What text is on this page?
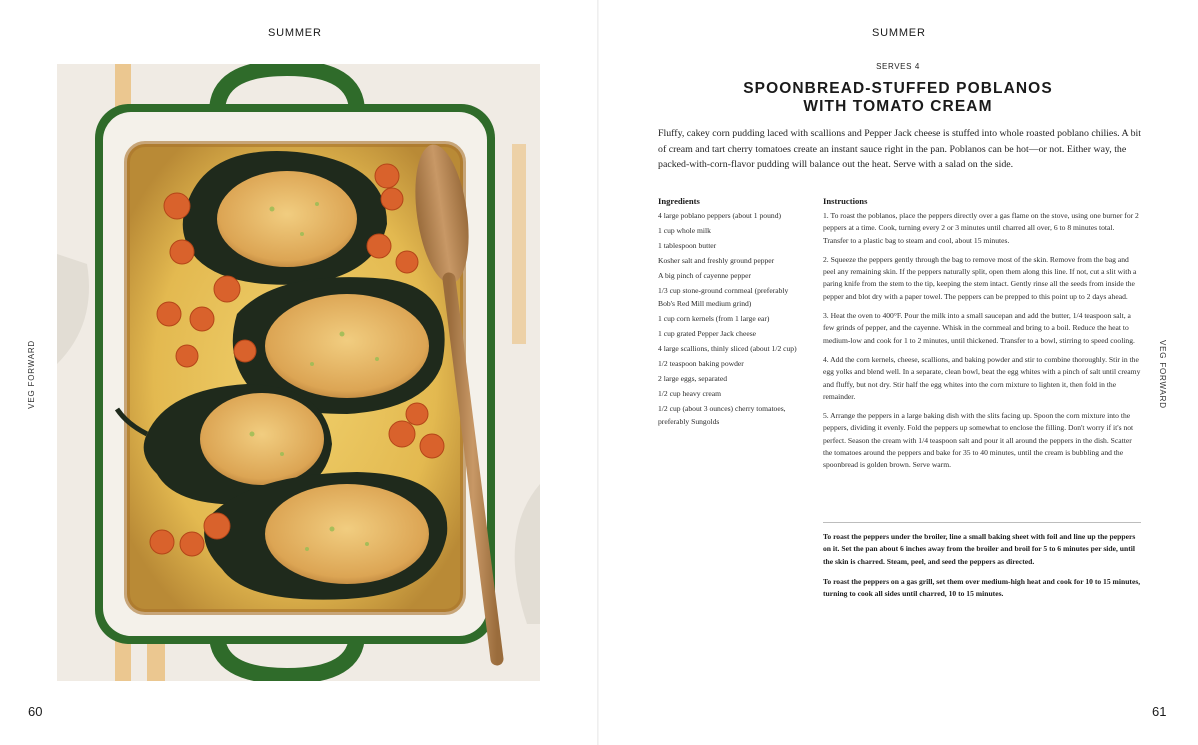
SUMMER
VEG FORWARD
60
SUMMER
VEG FORWARD
SERVES 4
SPOONBREAD-STUFFED POBLANOS
WITH TOMATO CREAM

Fluffy, cakey corn pudding laced with scallions and Pepper Jack cheese is stuffed into whole roasted poblano chilies. A bit of cream and tart cherry tomatoes create an instant sauce right in the pan. Poblanos can be hot—or not. Either way, the packed-with-corn-flavor pudding will balance out the heat. Serve with a salad on the side.

Ingredients
4 large poblano peppers (about 1 pound)
1 cup whole milk
1 tablespoon butter
Kosher salt and freshly ground pepper
A big pinch of cayenne pepper
1/3 cup stone-ground cornmeal (preferably Bob's Red Mill medium grind)
1 cup corn kernels (from 1 large ear)
1 cup grated Pepper Jack cheese
4 large scallions, thinly sliced (about 1/2 cup)
1/2 teaspoon baking powder
2 large eggs, separated
1/2 cup heavy cream
1/2 cup (about 3 ounces) cherry tomatoes, preferably Sungolds
Instructions

1. To roast the poblanos, place the peppers directly over a gas flame on the stove, using one burner for 2 peppers at a time. Cook, turning every 2 or 3 minutes until charred all over, 6 to 8 minutes total. Transfer to a plastic bag to steam and cool, about 15 minutes.

2. Squeeze the peppers gently through the bag to remove most of the skin. Remove from the bag and peel any remaining skin. If the peppers naturally split, open them along this line. If not, cut a slit with a paring knife from the stem to the tip, keeping the stem intact. Gently rinse all the seeds from inside the pepper and blot dry with a paper towel. The peppers can be prepped to this point up to 2 days ahead.

3. Heat the oven to 400°F. Pour the milk into a small saucepan and add the butter, 1/4 teaspoon salt, a few grinds of pepper, and the cayenne. Whisk in the cornmeal and bring to a boil. Reduce the heat to medium-low and cook for 1 to 2 minutes, until thickened. Transfer to a bowl, stirring to speed cooling.

4. Add the corn kernels, cheese, scallions, and baking powder and stir to combine thoroughly. Stir in the egg yolks and blend well. In a separate, clean bowl, beat the egg whites with a pinch of salt until creamy and fluffy, but not dry. Stir half the egg whites into the corn mixture to lighten it, then fold in the remainder.

5. Arrange the peppers in a large baking dish with the slits facing up. Spoon the corn mixture into the peppers, dividing it evenly. Fold the peppers up somewhat to enclose the filling. Don't worry if it's not perfect. Season the cream with 1/4 teaspoon salt and pour it all around the peppers in the dish. Scatter the tomatoes around the peppers and bake for 35 to 40 minutes, until the cream is bubbling and the spoonbread is golden brown. Serve warm.

To roast the peppers under the broiler, line a small baking sheet with foil and line up the peppers on it. Set the pan about 6 inches away from the broiler and broil for 5 to 6 minutes per side, until the skin is charred. Steam, peel, and seed the peppers as directed.

To roast the peppers on a gas grill, set them over medium-high heat and cook for 10 to 15 minutes, turning to cook all sides until charred, 10 to 15 minutes.

61
